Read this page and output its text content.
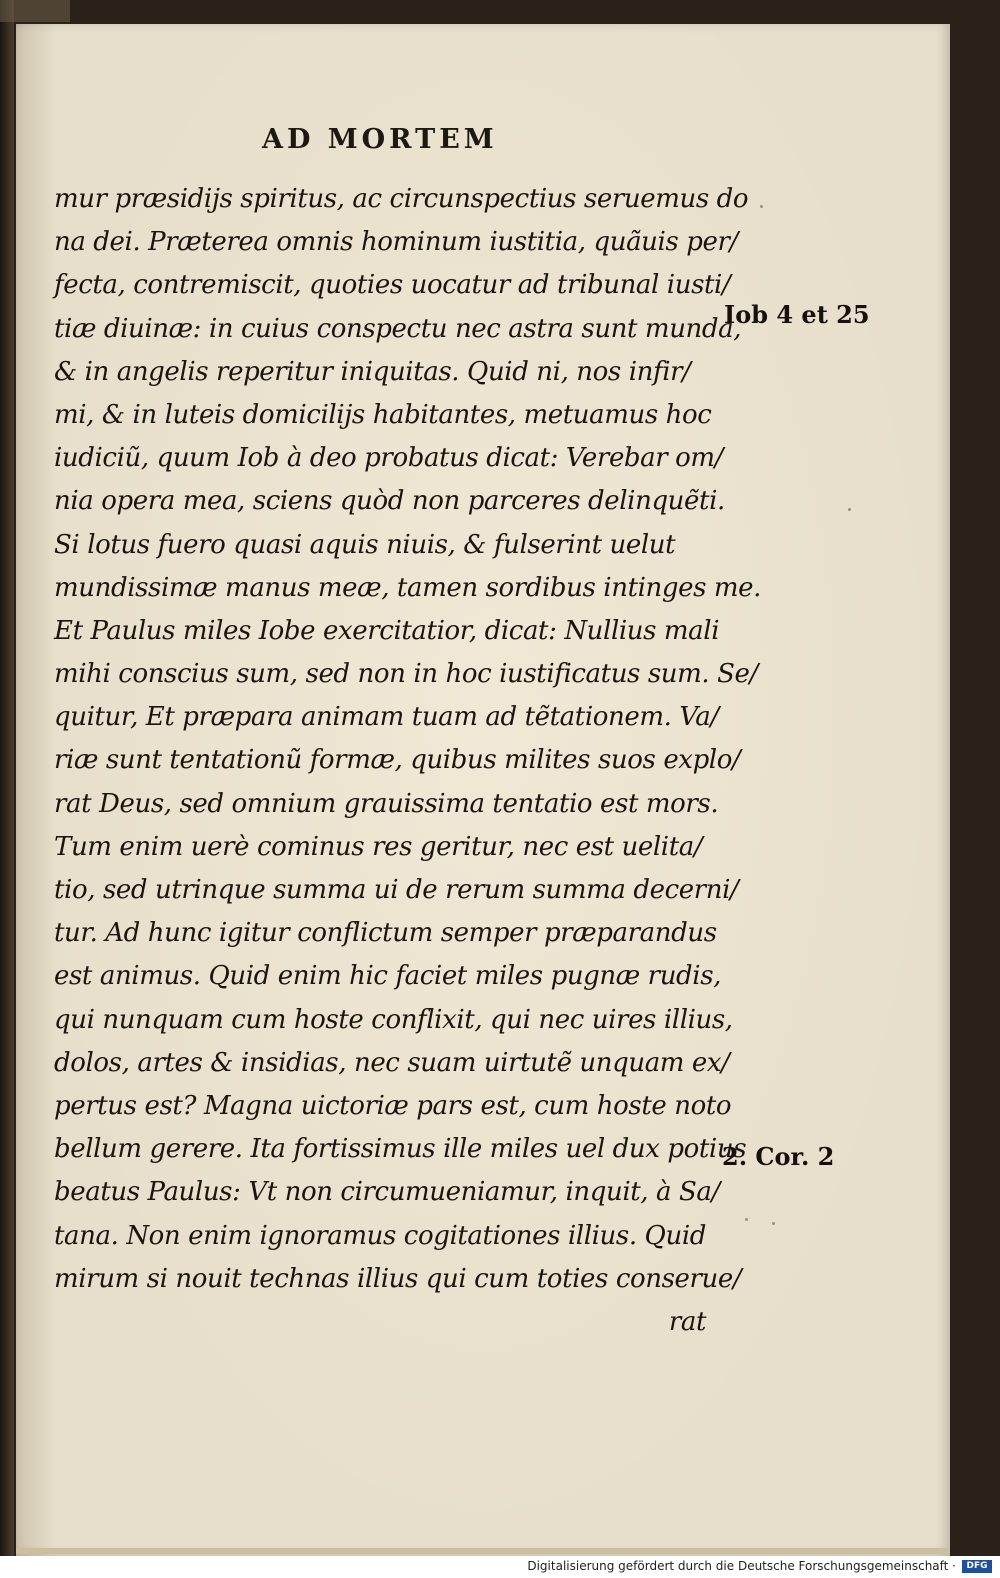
AD MORTEM
mur præsidijs spiritus, ac circunspectius seruemus do
na dei. Præterea omnis hominum iustitia, quãuis per/
fecta, contremiscit, quoties uocatur ad tribunal iusti/
tiæ diuinæ: in cuius conspectu nec astra sunt munda,
& in angelis reperitur iniquitas. Quid ni, nos infir/
mi, & in luteis domicilijs habitantes, metuamus hoc
iudiciũ, quum Iob à deo probatus dicat: Verebar om/
nia opera mea, sciens quòd non parceres delinquẽti.
Si lotus fuero quasi aquis niuis, & fulserint uelut
mundissimæ manus meæ, tamen sordibus intinges me.
Et Paulus miles Iobe exercitatior, dicat: Nullius mali
mihi conscius sum, sed non in hoc iustificatus sum. Se/
quitur, Et præpara animam tuam ad tẽtationem. Va/
riæ sunt tentationũ formæ, quibus milites suos explo/
rat Deus, sed omnium grauissima tentatio est mors.
Tum enim uerè cominus res geritur, nec est uelita/
tio, sed utrinque summa ui de rerum summa decerni/
tur. Ad hunc igitur conflictum semper præparandus
est animus. Quid enim hic faciet miles pugnæ rudis,
qui nunquam cum hoste conflixit, qui nec uires illius,
dolos, artes & insidias, nec suam uirtutẽ unquam ex/
pertus est? Magna uictoriæ pars est, cum hoste noto
bellum gerere. Ita fortissimus ille miles uel dux potius
beatus Paulus: Vt non circumueniamur, inquit, à Sa/
tana. Non enim ignoramus cogitationes illius. Quid
mirum si nouit technas illius qui cum toties conserue/
rat
Iob 4 et 25
2. Cor. 2
Digitalisierung gefördert durch die Deutsche Forschungsgemeinschaft ·	DFG
